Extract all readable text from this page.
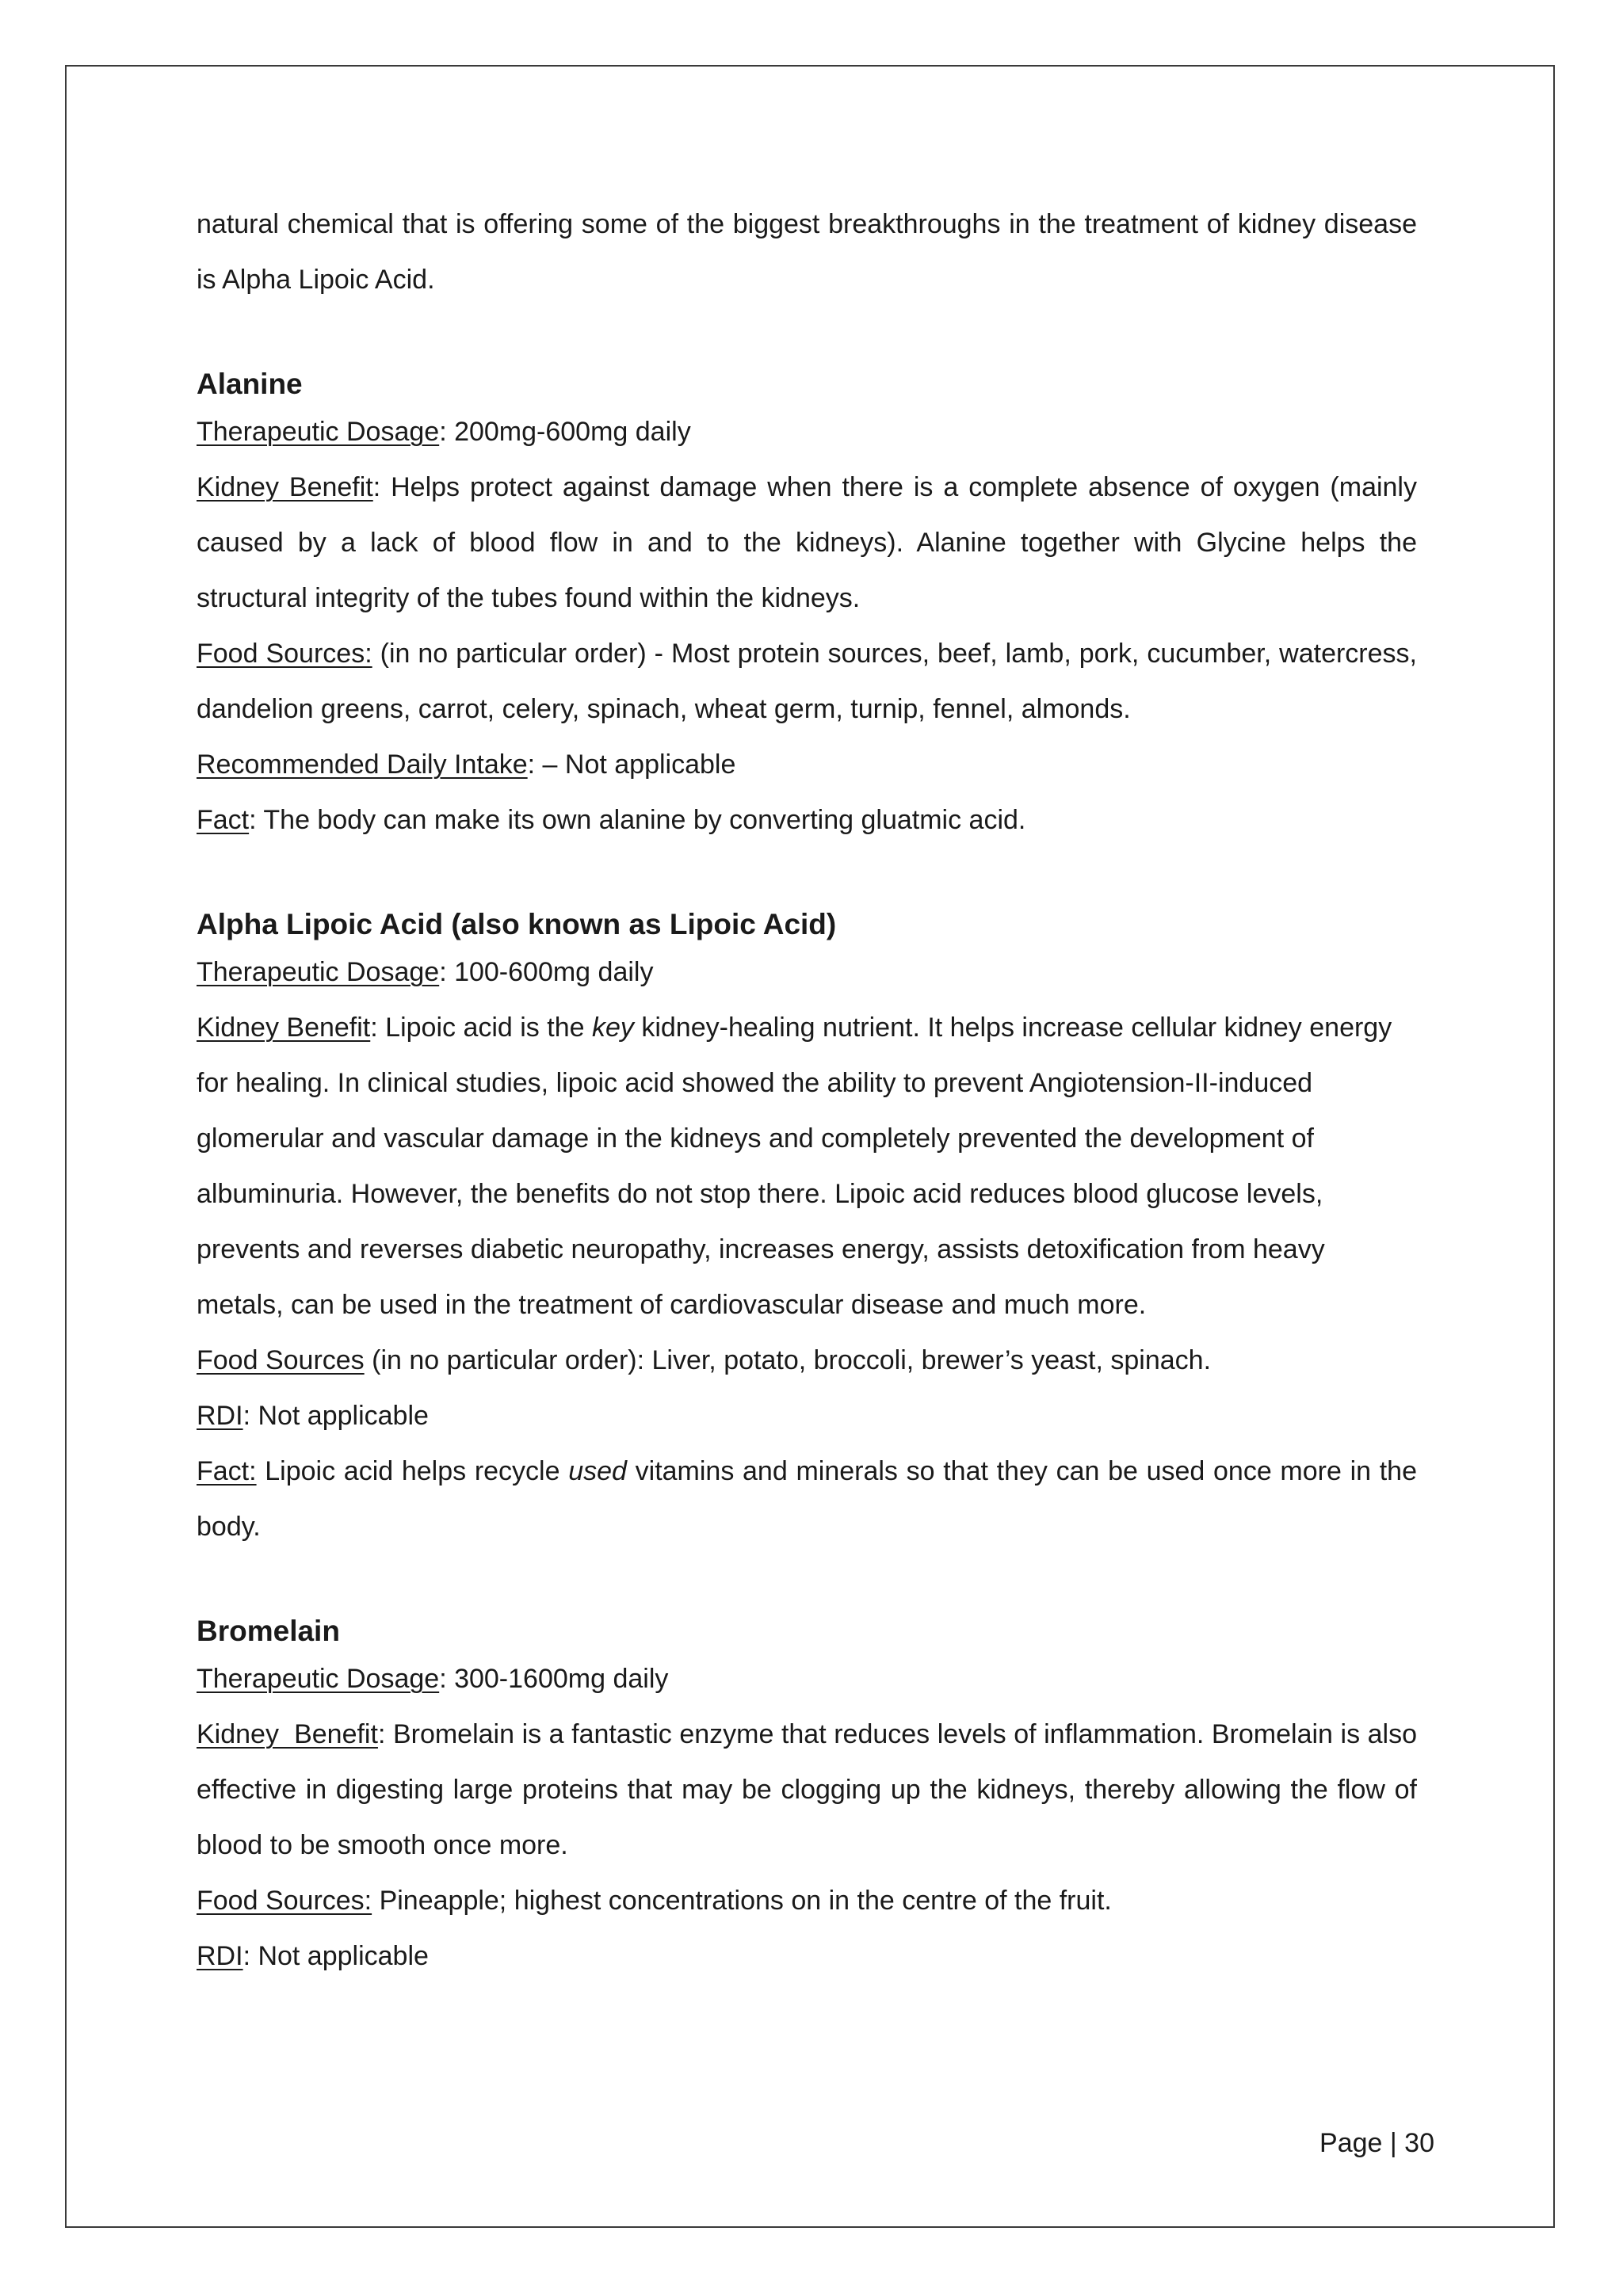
natural chemical that is offering some of the biggest breakthroughs in the treatment of kidney disease is Alpha Lipoic Acid.

Alanine

Therapeutic Dosage: 200mg-600mg daily

Kidney Benefit: Helps protect against damage when there is a complete absence of oxygen (mainly caused by a lack of blood flow in and to the kidneys). Alanine together with Glycine helps the structural integrity of the tubes found within the kidneys.

Food Sources: (in no particular order) - Most protein sources, beef, lamb, pork, cucumber, watercress, dandelion greens, carrot, celery, spinach, wheat germ, turnip, fennel, almonds.

Recommended Daily Intake: – Not applicable

Fact: The body can make its own alanine by converting gluatmic acid.

Alpha Lipoic Acid (also known as Lipoic Acid)

Therapeutic Dosage: 100-600mg daily

Kidney Benefit: Lipoic acid is the key kidney-healing nutrient. It helps increase cellular kidney energy for healing. In clinical studies, lipoic acid showed the ability to prevent Angiotension-II-induced glomerular and vascular damage in the kidneys and completely prevented the development of albuminuria. However, the benefits do not stop there. Lipoic acid reduces blood glucose levels, prevents and reverses diabetic neuropathy, increases energy, assists detoxification from heavy metals, can be used in the treatment of cardiovascular disease and much more.

Food Sources (in no particular order): Liver, potato, broccoli, brewer’s yeast, spinach.

RDI: Not applicable

Fact: Lipoic acid helps recycle used vitamins and minerals so that they can be used once more in the body.

Bromelain

Therapeutic Dosage: 300-1600mg daily

Kidney  Benefit: Bromelain is a fantastic enzyme that reduces levels of inflammation. Bromelain is also effective in digesting large proteins that may be clogging up the kidneys, thereby allowing the flow of blood to be smooth once more.

Food Sources: Pineapple; highest concentrations on in the centre of the fruit.

RDI: Not applicable

Page | 30
